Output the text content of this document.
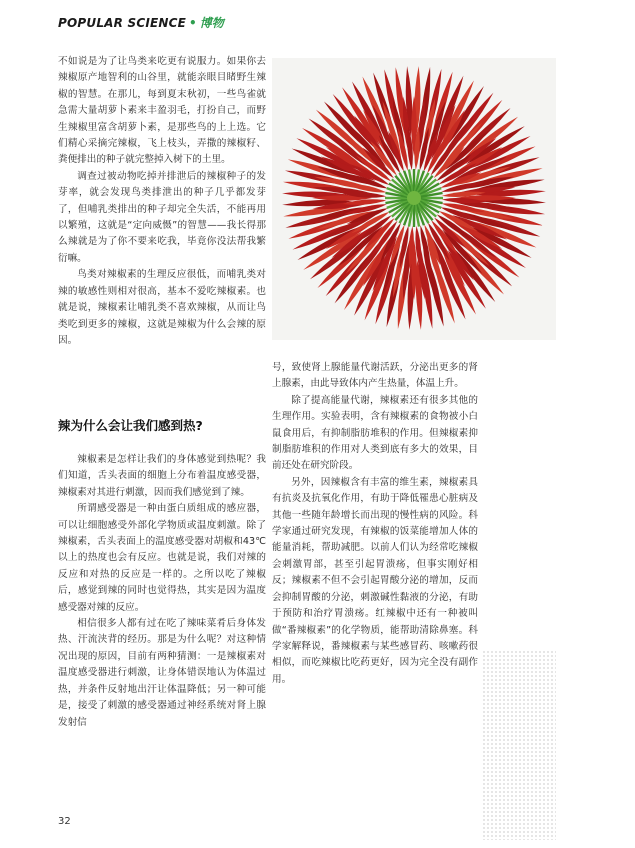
POPULAR SCIENCE • 博物

不如说是为了让鸟类来吃更有说服力。如果你去辣椒原产地智利的山谷里，就能亲眼目睹野生辣椒的智慧。在那儿，每到夏末秋初，一些鸟雀就急需大量胡萝卜素来丰盈羽毛，打扮自己，而野生辣椒里富含胡萝卜素，是那些鸟的上上选。它们精心采摘完辣椒，飞上枝头，弄撒的辣椒籽、粪便排出的种子就完整掉入树下的土里。

调查过被动物吃掉并排泄后的辣椒种子的发芽率，就会发现鸟类排泄出的种子几乎都发芽了，但哺乳类排出的种子却完全失活，不能再用以繁殖，这就是“定向威慑”的智慧——我长得那么辣就是为了你不要来吃我，毕竟你没法帮我繁衍嘛。

鸟类对辣椒素的生理反应很低，而哺乳类对辣的敏感性则相对很高，基本不爱吃辣椒素。也就是说，辣椒素让哺乳类不喜欢辣椒，从而让鸟类吃到更多的辣椒，这就是辣椒为什么会辣的原因。

辣为什么会让我们感到热?

辣椒素是怎样让我们的身体感觉到热呢？我们知道，舌头表面的细胞上分布着温度感受器，辣椒素对其进行刺激，因而我们感觉到了辣。

所谓感受器是一种由蛋白质组成的感应器，可以让细胞感受外部化学物质或温度刺激。除了辣椒素，舌头表面上的温度感受器对胡椒和43℃以上的热度也会有反应。也就是说，我们对辣的反应和对热的反应是一样的。之所以吃了辣椒后，感觉到辣的同时也觉得热，其实是因为温度感受器对辣的反应。

相信很多人都有过在吃了辣味菜肴后身体发热、汗流浃背的经历。那是为什么呢？对这种情况出现的原因，目前有两种猜测：一是辣椒素对温度感受器进行刺激，让身体错误地认为体温过热，并条件反射地出汗让体温降低；另一种可能是，接受了刺激的感受器通过神经系统对肾上腺发射信

号，致使肾上腺能量代谢活跃，分泌出更多的肾上腺素，由此导致体内产生热量，体温上升。

除了提高能量代谢，辣椒素还有很多其他的生理作用。实验表明，含有辣椒素的食物被小白鼠食用后，有抑制脂肪堆积的作用。但辣椒素抑制脂肪堆积的作用对人类到底有多大的效果，目前还处在研究阶段。

另外，因辣椒含有丰富的维生素，辣椒素具有抗炎及抗氧化作用，有助于降低罹患心脏病及其他一些随年龄增长而出现的慢性病的风险。科学家通过研究发现，有辣椒的饭菜能增加人体的能量消耗，帮助减肥。以前人们认为经常吃辣椒会刺激胃部，甚至引起胃溃疡，但事实刚好相反；辣椒素不但不会引起胃酸分泌的增加，反而会抑制胃酸的分泌，刺激碱性黏液的分泌，有助于预防和治疗胃溃疡。红辣椒中还有一种被叫做“番辣椒素”的化学物质，能帮助清除鼻塞。科学家解释说，番辣椒素与某些感冒药、咳嗽药很相似，而吃辣椒比吃药更好，因为完全没有副作用。

32
